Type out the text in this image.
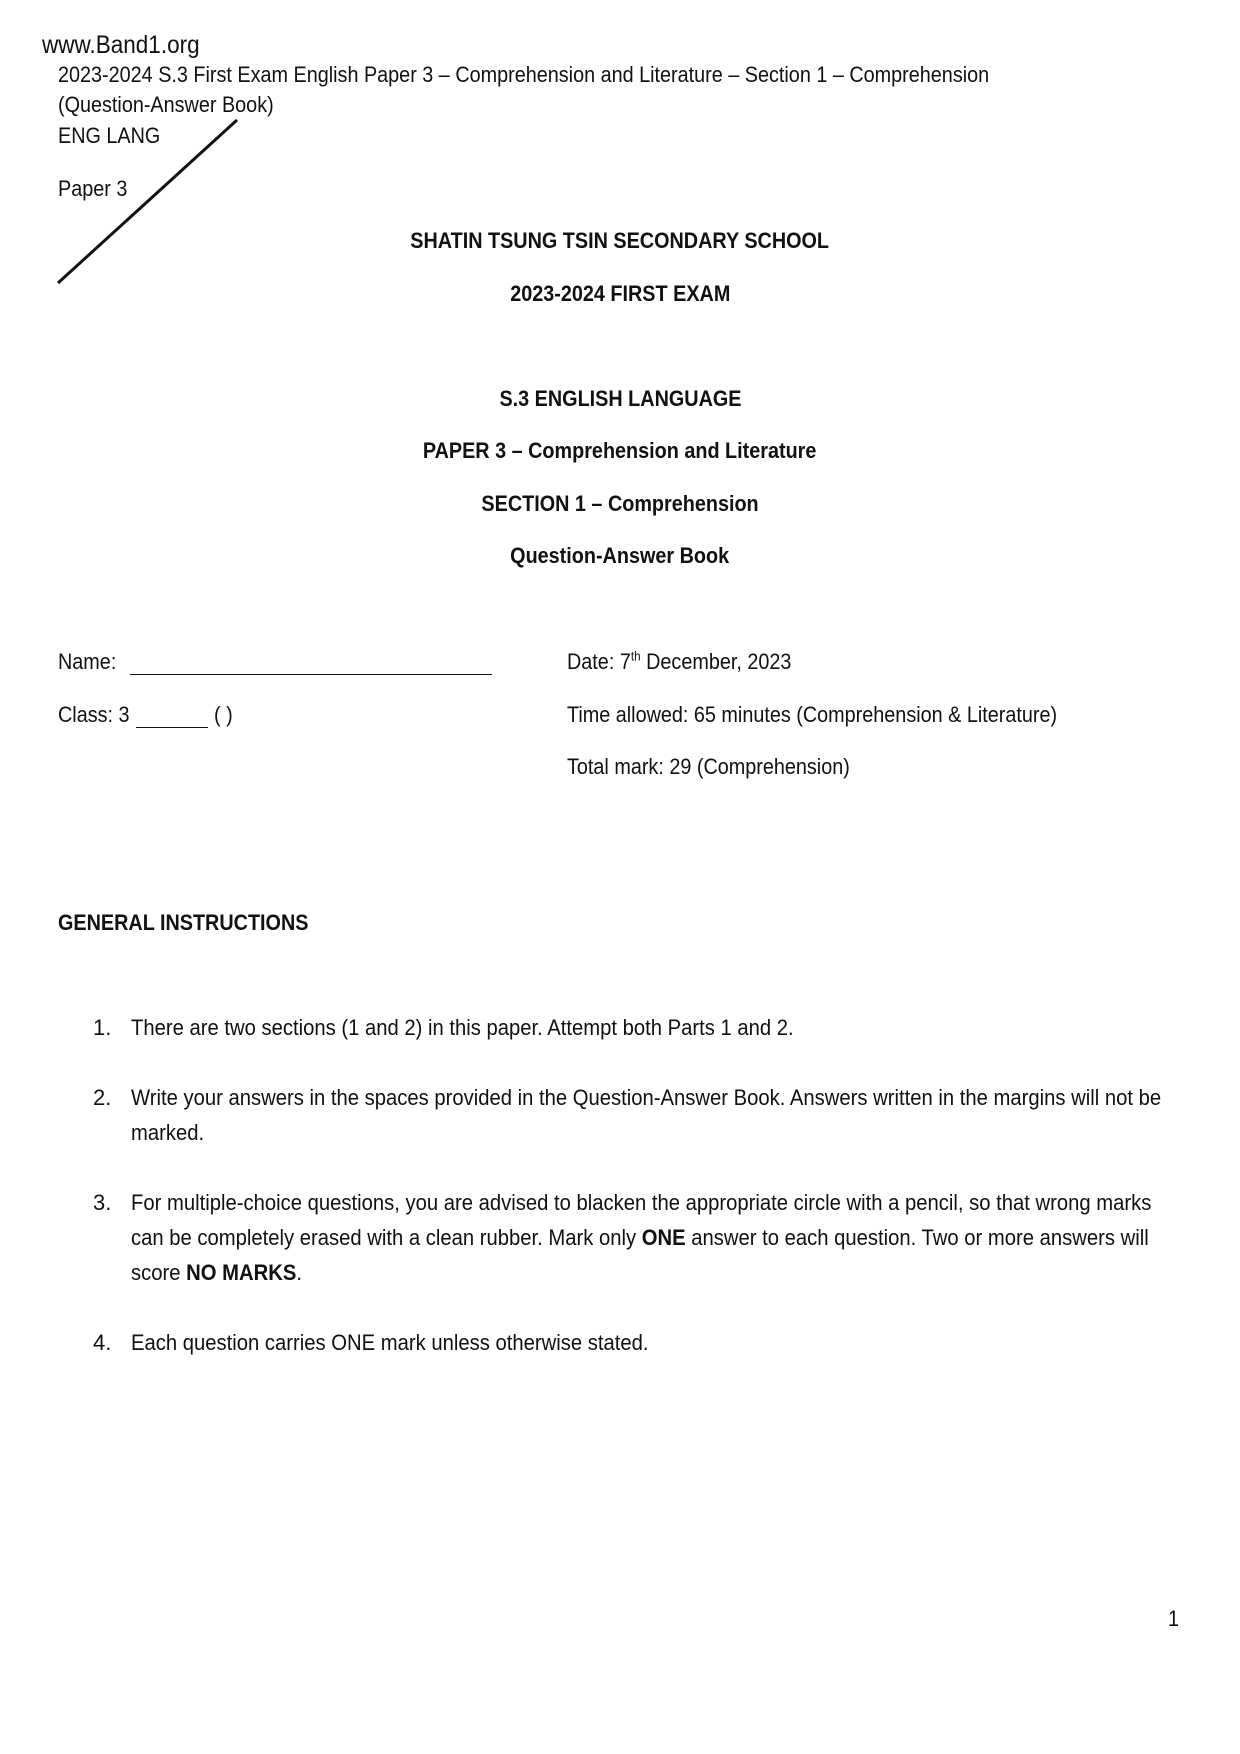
www.Band1.org
2023-2024 S.3 First Exam English Paper 3 – Comprehension and Literature – Section 1 – Comprehension
(Question-Answer Book)
ENG LANG
Paper 3
SHATIN TSUNG TSIN SECONDARY SCHOOL
2023-2024 FIRST EXAM
S.3 ENGLISH LANGUAGE
PAPER 3 – Comprehension and Literature
SECTION 1 – Comprehension
Question-Answer Book
Name:
Class: 3	( )
Date: 7th December, 2023
Time allowed: 65 minutes (Comprehension & Literature)
Total mark: 29 (Comprehension)
GENERAL INSTRUCTIONS
1. There are two sections (1 and 2) in this paper. Attempt both Parts 1 and 2.
2. Write your answers in the spaces provided in the Question-Answer Book. Answers written in the margins will not be marked.
3. For multiple-choice questions, you are advised to blacken the appropriate circle with a pencil, so that wrong marks can be completely erased with a clean rubber. Mark only ONE answer to each question. Two or more answers will score NO MARKS.
4. Each question carries ONE mark unless otherwise stated.
1
